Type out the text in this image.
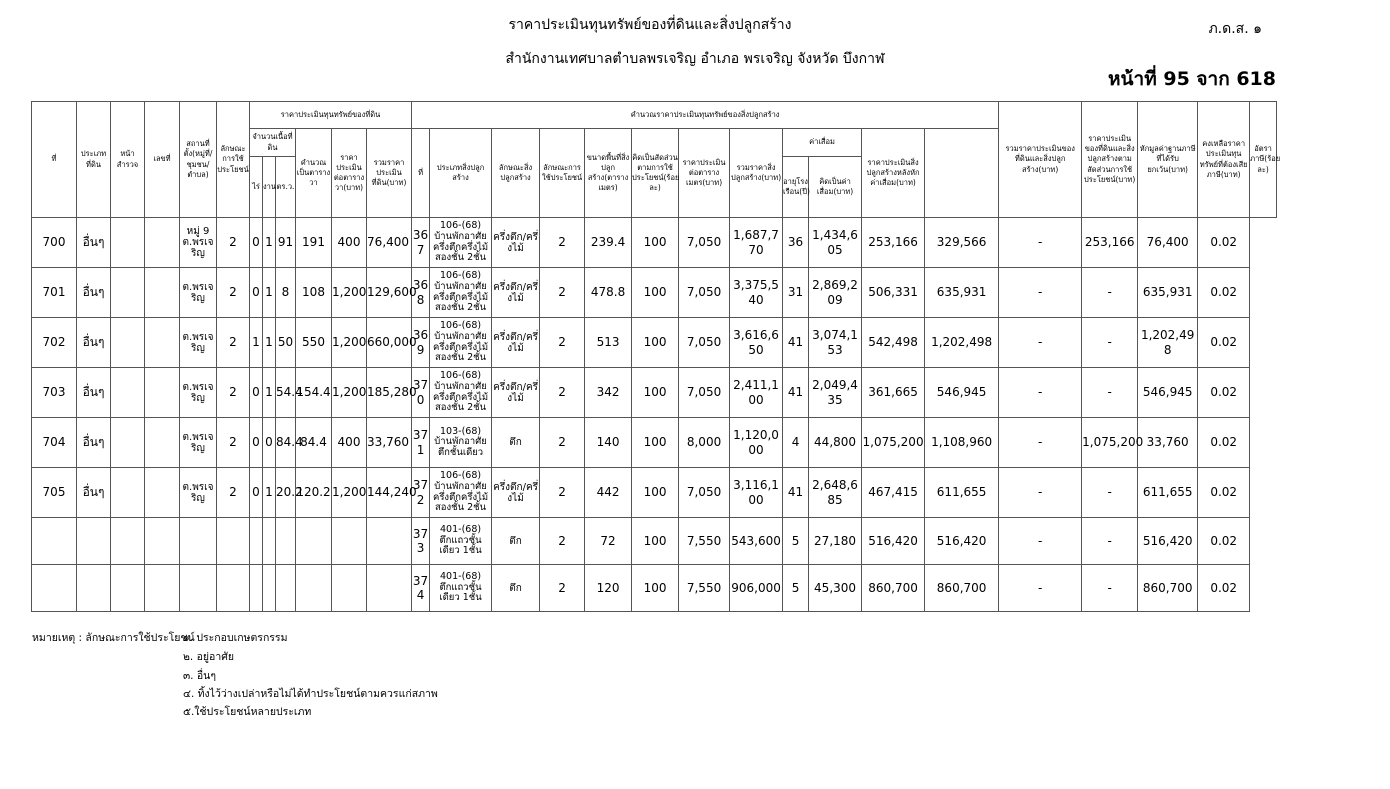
ราคาประเมินทุนทรัพย์ของที่ดินและสิ่งปลูกสร้าง
สำนักงานเทศบาลตำบลพรเจริญ อำเภอ พรเจริญ จังหวัด บึงกาฬ
ภ.ด.ส. ๑
หน้าที่ 95 จาก 618
ที่	ประเภทที่ดิน	หน้าสำรวจ	เลขที่	สถานที่ตั้ง(หมู่ที่/ชุมชน/ตำบล)	ลักษณะการใช้ประโยชน์	ราคาประเมินทุนทรัพย์ของที่ดิน						คำนวณราคาประเมินทุนทรัพย์ของสิ่งปลูกสร้าง												รวมราคาประเมินของที่ดินและสิ่งปลูกสร้าง(บาท)	ราคาประเมินของที่ดินและสิ่งปลูกสร้างตามสัดส่วนการใช้ประโยชน์(บาท)	หักมูลค่าฐานภาษีที่ได้รับยกเว้น(บาท)	คงเหลือราคาประเมินทุนทรัพย์ที่ต้องเสียภาษี(บาท)	อัตราภาษี(ร้อยละ)
						จำนวนเนื้อที่ดิน			คำนวณเป็นตารางวา	ราคาประเมินต่อตารางวา(บาท)	รวมราคาประเมินที่ดิน(บาท)	ที่	ประเภทสิ่งปลูกสร้าง	ลักษณะสิ่งปลูกสร้าง	ลักษณะการใช้ประโยชน์	ขนาดพื้นที่สิ่งปลูกสร้าง(ตารางเมตร)	คิดเป็นสัดส่วนตามการใช้ประโยชน์(ร้อยละ)	ราคาประเมินต่อตารางเมตร(บาท)	รวมราคาสิ่งปลูกสร้าง(บาท)	ค่าเสื่อม		ราคาประเมินสิ่งปลูกสร้างหลังหักค่าเสื่อม(บาท)						
						ไร่	งาน	ตร.ว.												อายุโรงเรือน(ปี)	คิดเป็นค่าเสื่อม(บาท)							
700	อื่นๆ			หมู่ 9 ต.พรเจริญ	2	0	1	91	191	400	76,400	367	106-(68) บ้านพักอาศัยครึ่งตึกครึ่งไม้สองชั้น 2ชั้น	ครึ่งตึก/ครึ่งไม้	2	239.4	100	7,050	1,687,770	36	1,434,605	253,166	329,566	-	253,166	76,400	0.02	
701	อื่นๆ			ต.พรเจริญ	2	0	1	8	108	1,200	129,600	368	106-(68) บ้านพักอาศัยครึ่งตึกครึ่งไม้สองชั้น 2ชั้น	ครึ่งตึก/ครึ่งไม้	2	478.8	100	7,050	3,375,540	31	2,869,209	506,331	635,931	-	-	635,931	0.02	
702	อื่นๆ			ต.พรเจริญ	2	1	1	50	550	1,200	660,000	369	106-(68) บ้านพักอาศัยครึ่งตึกครึ่งไม้สองชั้น 2ชั้น	ครึ่งตึก/ครึ่งไม้	2	513	100	7,050	3,616,650	41	3,074,153	542,498	1,202,498	-	-	1,202,498	0.02	
703	อื่นๆ			ต.พรเจริญ	2	0	1	54.4	154.4	1,200	185,280	370	106-(68) บ้านพักอาศัยครึ่งตึกครึ่งไม้สองชั้น 2ชั้น	ครึ่งตึก/ครึ่งไม้	2	342	100	7,050	2,411,100	41	2,049,435	361,665	546,945	-	-	546,945	0.02	
704	อื่นๆ			ต.พรเจริญ	2	0	0	84.4	84.4	400	33,760	371	103-(68) บ้านพักอาศัยตึกชั้นเดียว	ตึก	2	140	100	8,000	1,120,000	4	44,800	1,075,200	1,108,960	-	1,075,200	33,760	0.02	
705	อื่นๆ			ต.พรเจริญ	2	0	1	20.2	120.2	1,200	144,240	372	106-(68) บ้านพักอาศัยครึ่งตึกครึ่งไม้สองชั้น 2ชั้น	ครึ่งตึก/ครึ่งไม้	2	442	100	7,050	3,116,100	41	2,648,685	467,415	611,655	-	-	611,655	0.02	
												373	401-(68) ตึกแถวชั้นเดียว 1ชั้น	ตึก	2	72	100	7,550	543,600	5	27,180	516,420	516,420	-	-	516,420	0.02	
												374	401-(68) ตึกแถวชั้นเดียว 1ชั้น	ตึก	2	120	100	7,550	906,000	5	45,300	860,700	860,700	-	-	860,700	0.02	
หมายเหตุ : ลักษณะการใช้ประโยชน์
๑. ประกอบเกษตรกรรม
๒. อยู่อาศัย
๓. อื่นๆ
๔. ทิ้งไว้ว่างเปล่าหรือไม่ได้ทำประโยชน์ตามควรแก่สภาพ
๕.ใช้ประโยชน์หลายประเภท
